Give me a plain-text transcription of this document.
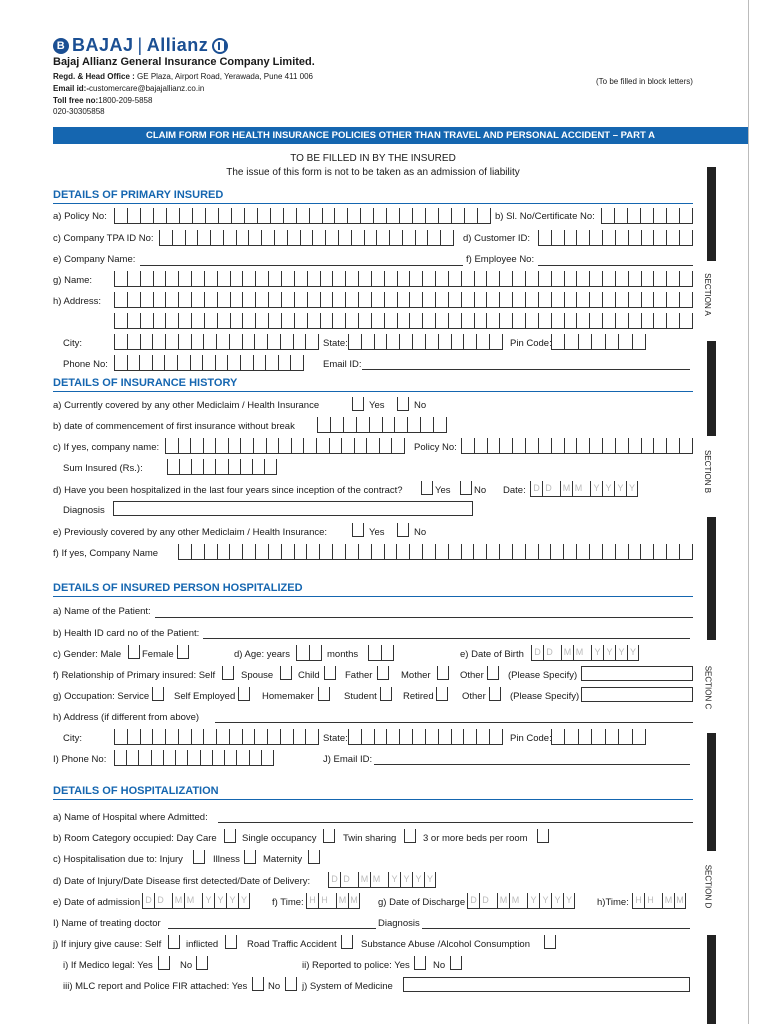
B BAJAJ | Allianz
Bajaj Allianz General Insurance Company Limited.
Regd. & Head Office : GE Plaza, Airport Road, Yerawada, Pune 411 006
Email id:-customercare@bajajallianz.co.in
Toll free no:1800-209-5858
020-30305858
(To be filled in block letters)
CLAIM FORM FOR HEALTH INSURANCE POLICIES OTHER THAN TRAVEL AND PERSONAL ACCIDENT – PART A
TO BE FILLED IN BY THE INSURED
The issue of this form is not to be taken as an admission of liability
SECTION A
SECTION B
SECTION C
SECTION D
DETAILS OF PRIMARY INSURED
a) Policy No:	b) Sl. No/Certificate No:
c) Company TPA ID No:	d) Customer ID:
e) Company Name:	f) Employee No:
g) Name:
h) Address:
City:	State:	Pin Code:
Phone No:	Email ID:
DETAILS OF INSURANCE HISTORY
a) Currently covered by any other Mediclaim / Health Insurance	Yes	No
b) date of commencement of first insurance without break
c) If yes, company name:	Policy No:
Sum Insured (Rs.):
d) Have you been hospitalized in the last four years since inception of the contract?	Yes No Date: D D	M M	Y Y Y Y
Diagnosis
e) Previously covered by any other Mediclaim / Health Insurance:	Yes	No
f) If yes, Company Name
DETAILS OF INSURED PERSON HOSPITALIZED
a) Name of the Patient:
b) Health ID card no of the Patient:
c) Gender: Male Female	d) Age: years	months	e) Date of Birth	D D	M M	Y Y Y Y
f) Relationship of Primary insured: Self	Spouse	Child	Father	Mother	Other	(Please Specify)
g) Occupation: Service	Self Employed	Homemaker	Student	Retired	Other	(Please Specify)
h) Address (if different from above)
City:	State:	Pin Code:
I) Phone No:	J) Email ID:
DETAILS OF HOSPITALIZATION
a) Name of Hospital where Admitted:
b) Room Category occupied: Day Care	Single occupancy	Twin sharing	3 or more beds per room
c) Hospitalisation due to: Injury	Illness Maternity
d) Date of Injury/Date Disease first detected/Date of Delivery:	D D	M M	Y Y Y Y
e) Date of admission D D	M M	Y Y Y Y	f) Time: H H	M M g) Date of Discharge D D	M M	Y Y Y Y	h)Time: H H	M M
I) Name of treating doctor	Diagnosis
j) If injury give cause: Self	inflicted	Road Traffic Accident	Substance Abuse /Alcohol Consumption
i) If Medico legal: Yes	No	ii) Reported to police: Yes No
iii) MLC report and Police FIR attached: Yes No j) System of Medicine
